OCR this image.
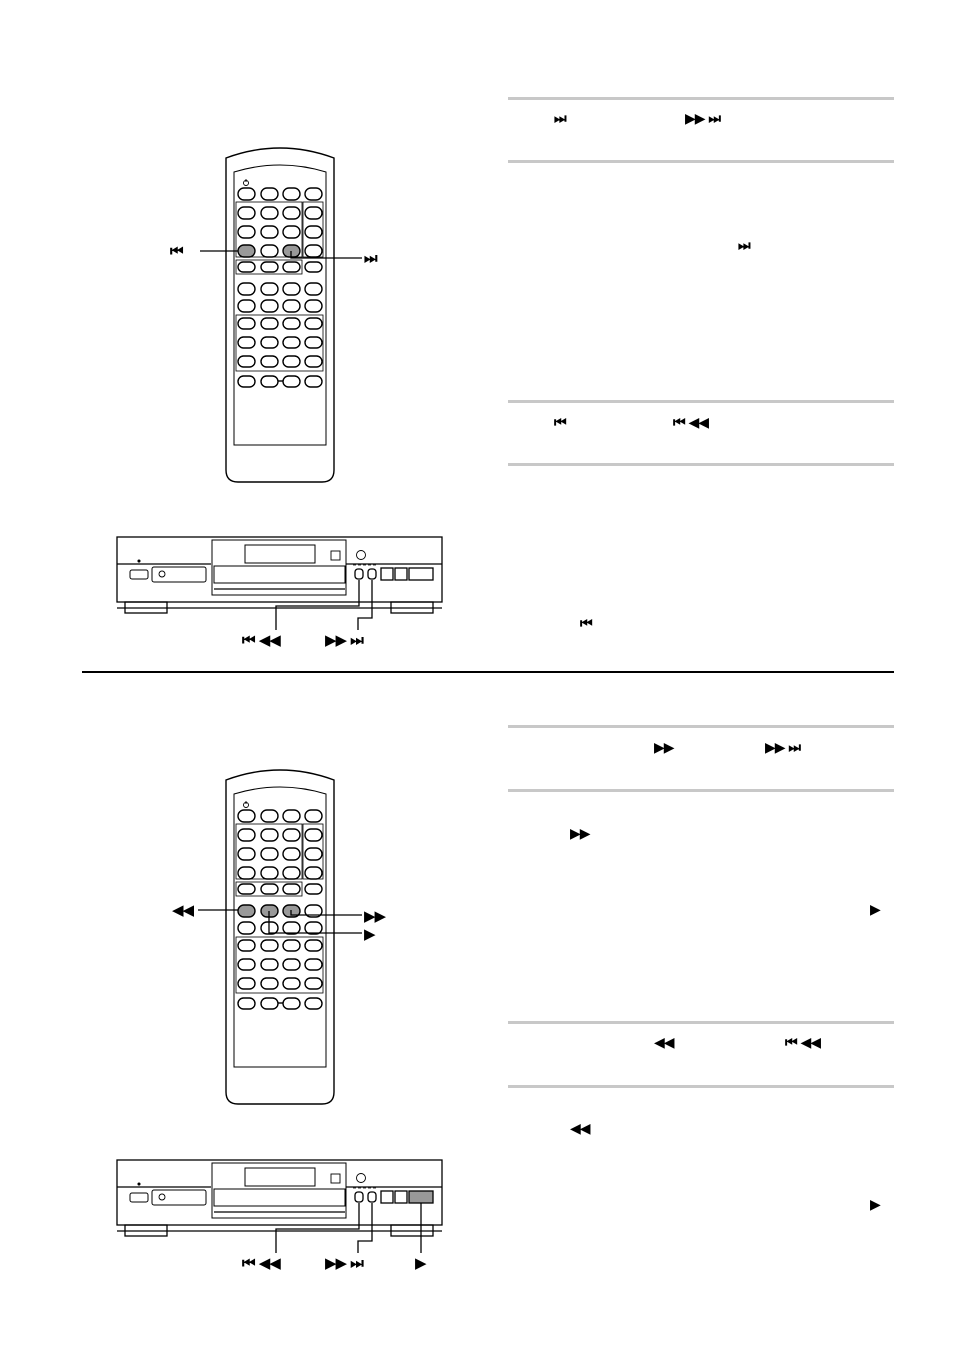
⏮	⏭
⏮ ◀◀	▶▶ ⏭
⏭	▶▶ ⏭
⏭
⏮	⏮ ◀◀
⏮
◀◀	▶▶
▶
⏮ ◀◀	▶▶ ⏭	▶
▶▶	▶▶ ⏭
▶▶
▶
◀◀	⏮ ◀◀
◀◀
▶
